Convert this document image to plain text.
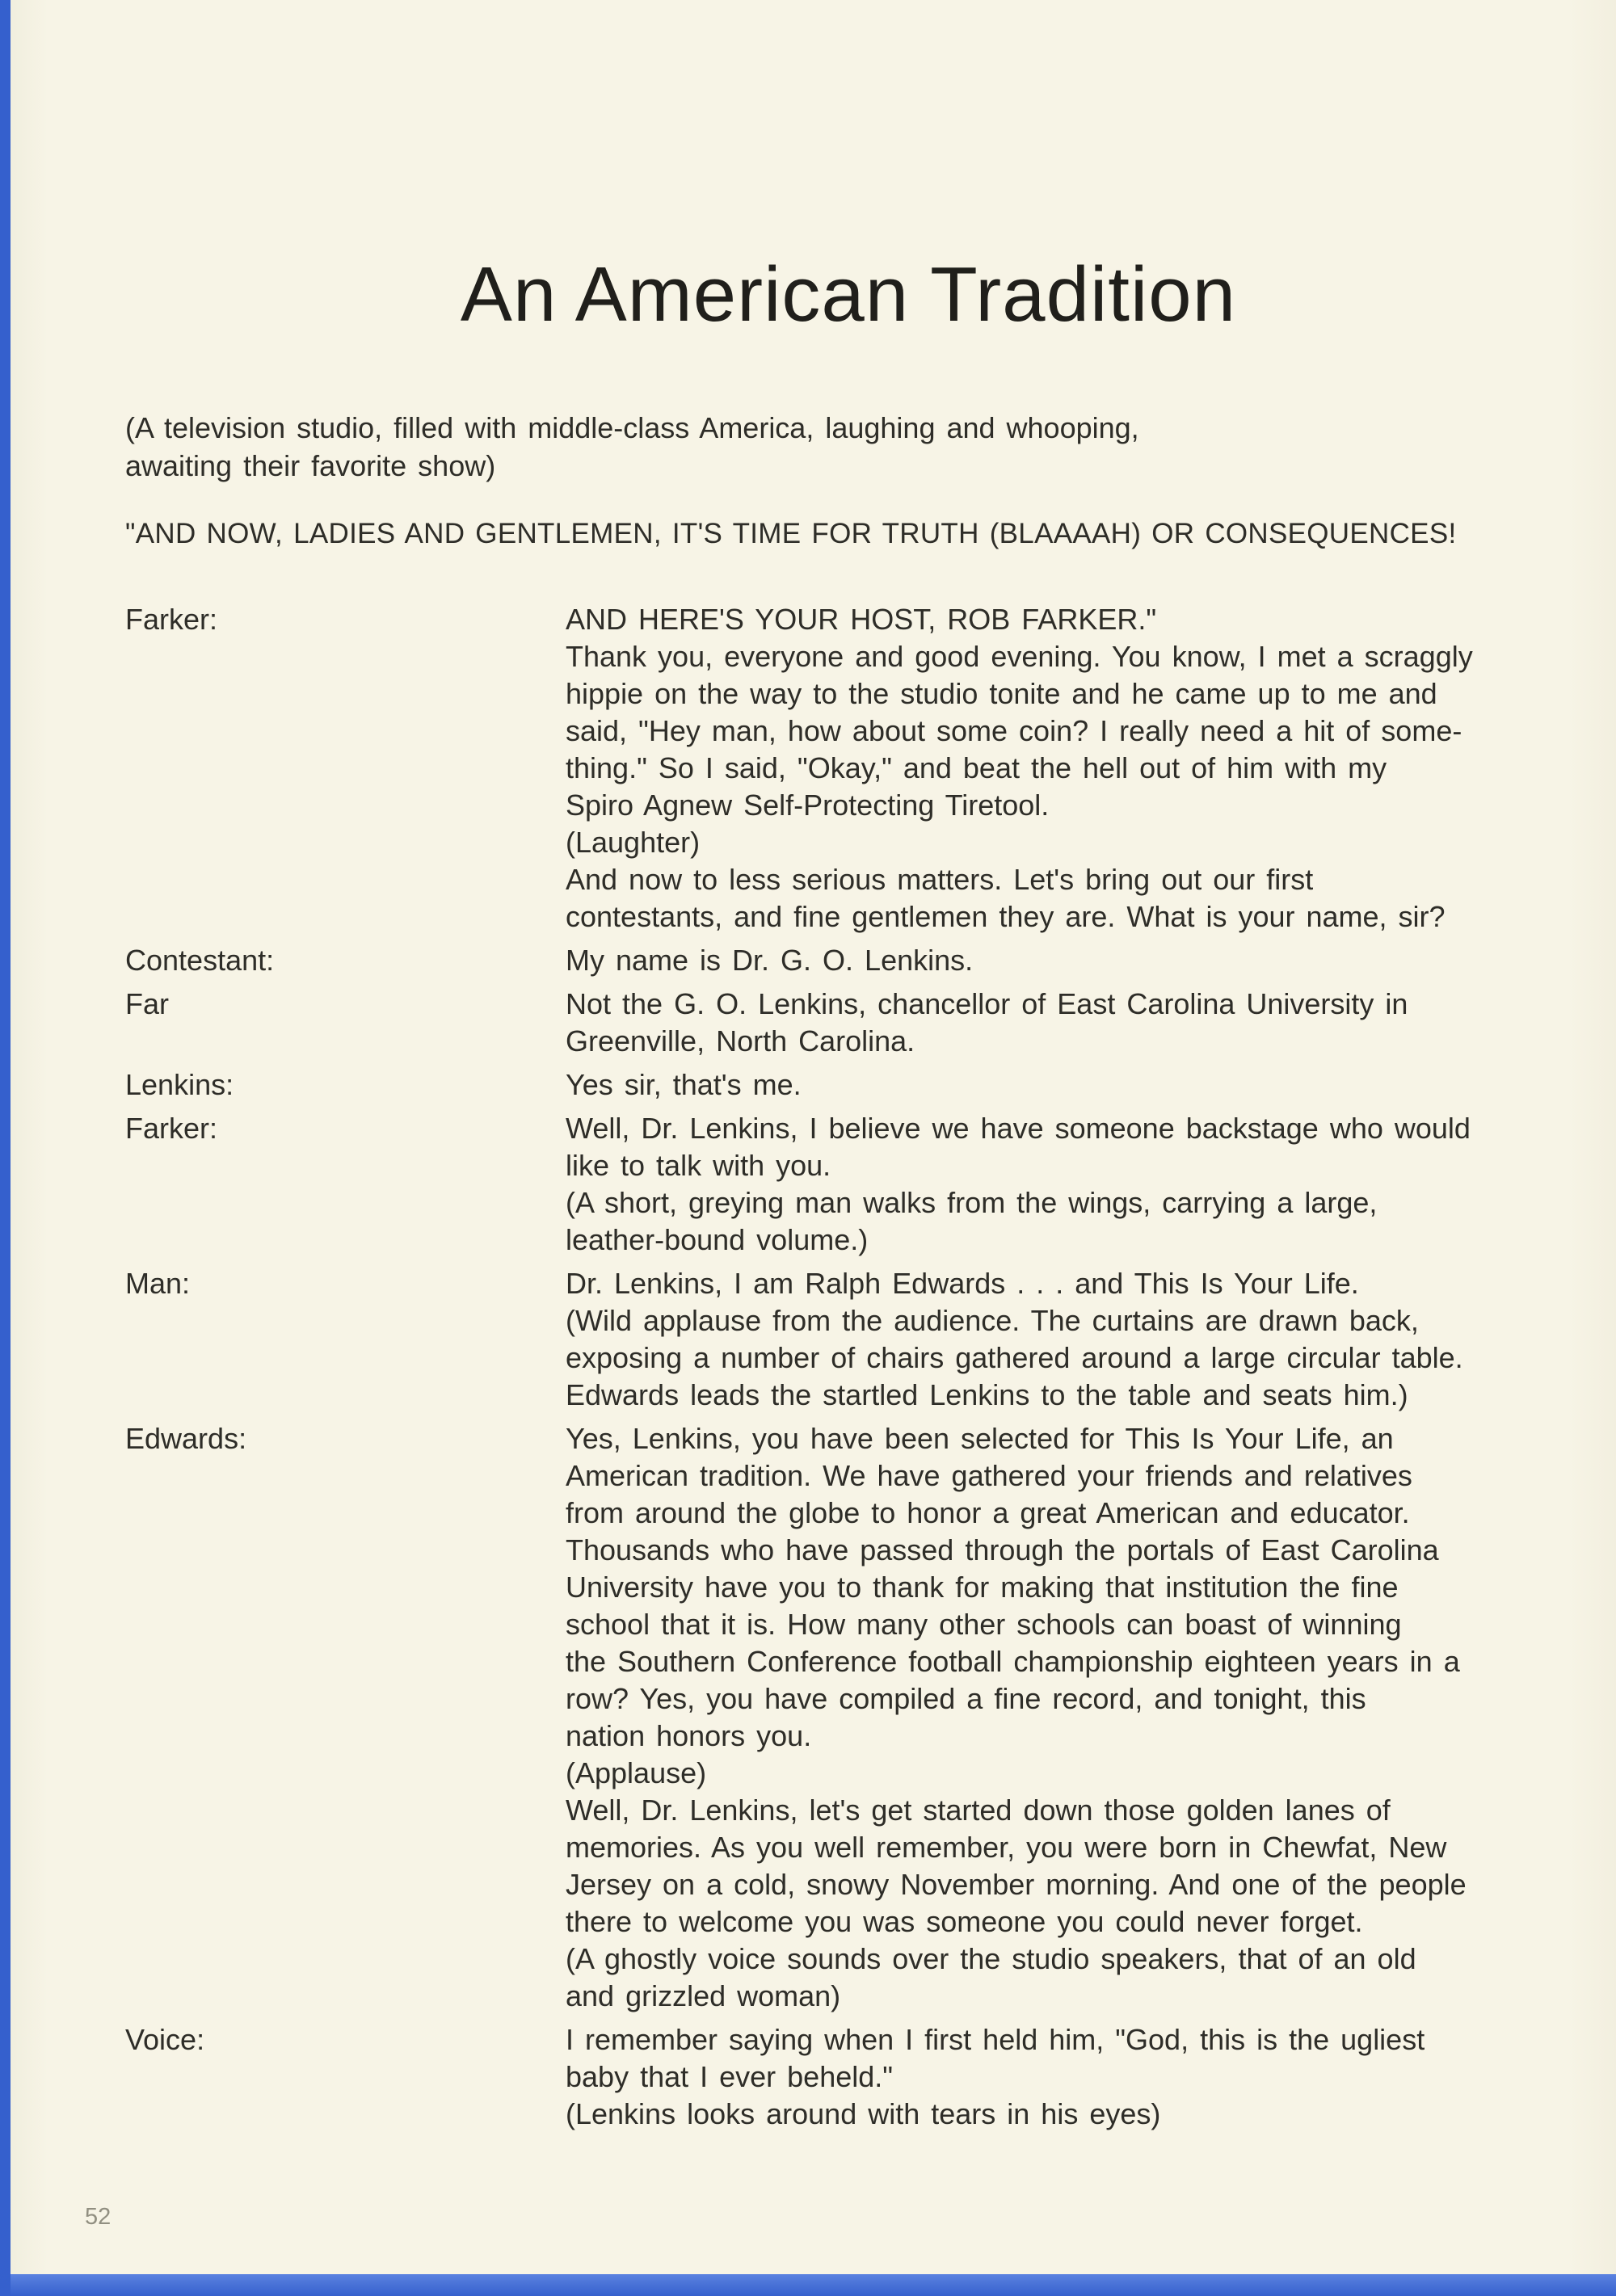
An American Tradition
(A television studio, filled with middle-class America, laughing and whooping,
awaiting their favorite show)
"AND NOW, LADIES AND GENTLEMEN, IT'S TIME FOR TRUTH (BLAAAAH) OR CONSEQUENCES!
Farker:	AND HERE'S YOUR HOST, ROB FARKER."
Thank you, everyone and good evening. You know, I met a scraggly
hippie on the way to the studio tonite and he came up to me and
said, "Hey man, how about some coin? I really need a hit of some-
thing." So I said, "Okay," and beat the hell out of him with my
Spiro Agnew Self-Protecting Tiretool.
(Laughter)
And now to less serious matters. Let's bring out our first
contestants, and fine gentlemen they are. What is your name, sir?
Contestant:	My name is Dr. G. O. Lenkins.
Far	Not the G. O. Lenkins, chancellor of East Carolina University in
Greenville, North Carolina.
Lenkins:	Yes sir, that's me.
Farker:	Well, Dr. Lenkins, I believe we have someone backstage who would
like to talk with you.
(A short, greying man walks from the wings, carrying a large,
leather-bound volume.)
Man:	Dr. Lenkins, I am Ralph Edwards . . . and This Is Your Life.
(Wild applause from the audience. The curtains are drawn back,
exposing a number of chairs gathered around a large circular table.
Edwards leads the startled Lenkins to the table and seats him.)
Edwards:	Yes, Lenkins, you have been selected for This Is Your Life, an
American tradition. We have gathered your friends and relatives
from around the globe to honor a great American and educator.
Thousands who have passed through the portals of East Carolina
University have you to thank for making that institution the fine
school that it is. How many other schools can boast of winning
the Southern Conference football championship eighteen years in a
row? Yes, you have compiled a fine record, and tonight, this
nation honors you.
(Applause)
Well, Dr. Lenkins, let's get started down those golden lanes of
memories. As you well remember, you were born in Chewfat, New
Jersey on a cold, snowy November morning. And one of the people
there to welcome you was someone you could never forget.
(A ghostly voice sounds over the studio speakers, that of an old
and grizzled woman)
Voice:	I remember saying when I first held him, "God, this is the ugliest
baby that I ever beheld."
(Lenkins looks around with tears in his eyes)
52
